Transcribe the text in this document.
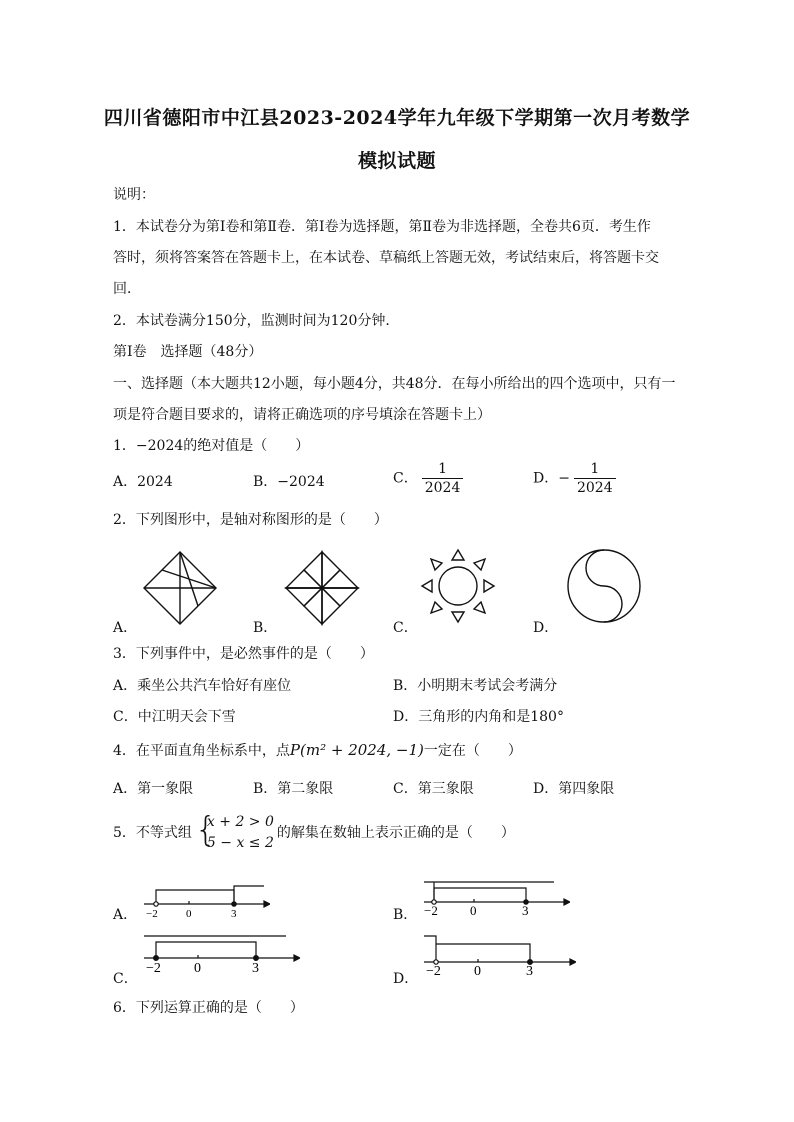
四川省德阳市中江县2023-2024学年九年级下学期第一次月考数学
模拟试题
说明：
1．本试卷分为第Ⅰ卷和第Ⅱ卷．第Ⅰ卷为选择题，第Ⅱ卷为非选择题，全卷共6页．考生作
答时，须将答案答在答题卡上，在本试卷、草稿纸上答题无效，考试结束后，将答题卡交
回．
2．本试卷满分150分，监测时间为120分钟．
第Ⅰ卷　选择题（48分）
一、选择题（本大题共12小题，每小题4分，共48分．在每小所给出的四个选项中，只有一
项是符合题目要求的，请将正确选项的序号填涂在答题卡上）
1．−2024的绝对值是（　　）
A．2024	B．−2024	C． $\frac{1}{2024}$	D．− $\frac{1}{2024}$
2．下列图形中，是轴对称图形的是（　　）
A．	B．	C．	D．
3．下列事件中，是必然事件的是（　　）
A．乘坐公共汽车恰好有座位	B．小明期末考试会考满分
C．中江明天会下雪	D．三角形的内角和是180°
4．在平面直角坐标系中，点P(m² + 2024, −1)一定在（　　）
A．第一象限	B．第二象限	C．第三象限	D．第四象限
5．不等式组 {
x + 2 > 0
5 − x ≤ 2
的解集在数轴上表示正确的是（　　）
A． −2	0	3	B． −2 0	3
C．
−2 0	3
D． −2 0	3
6．下列运算正确的是（　　）
